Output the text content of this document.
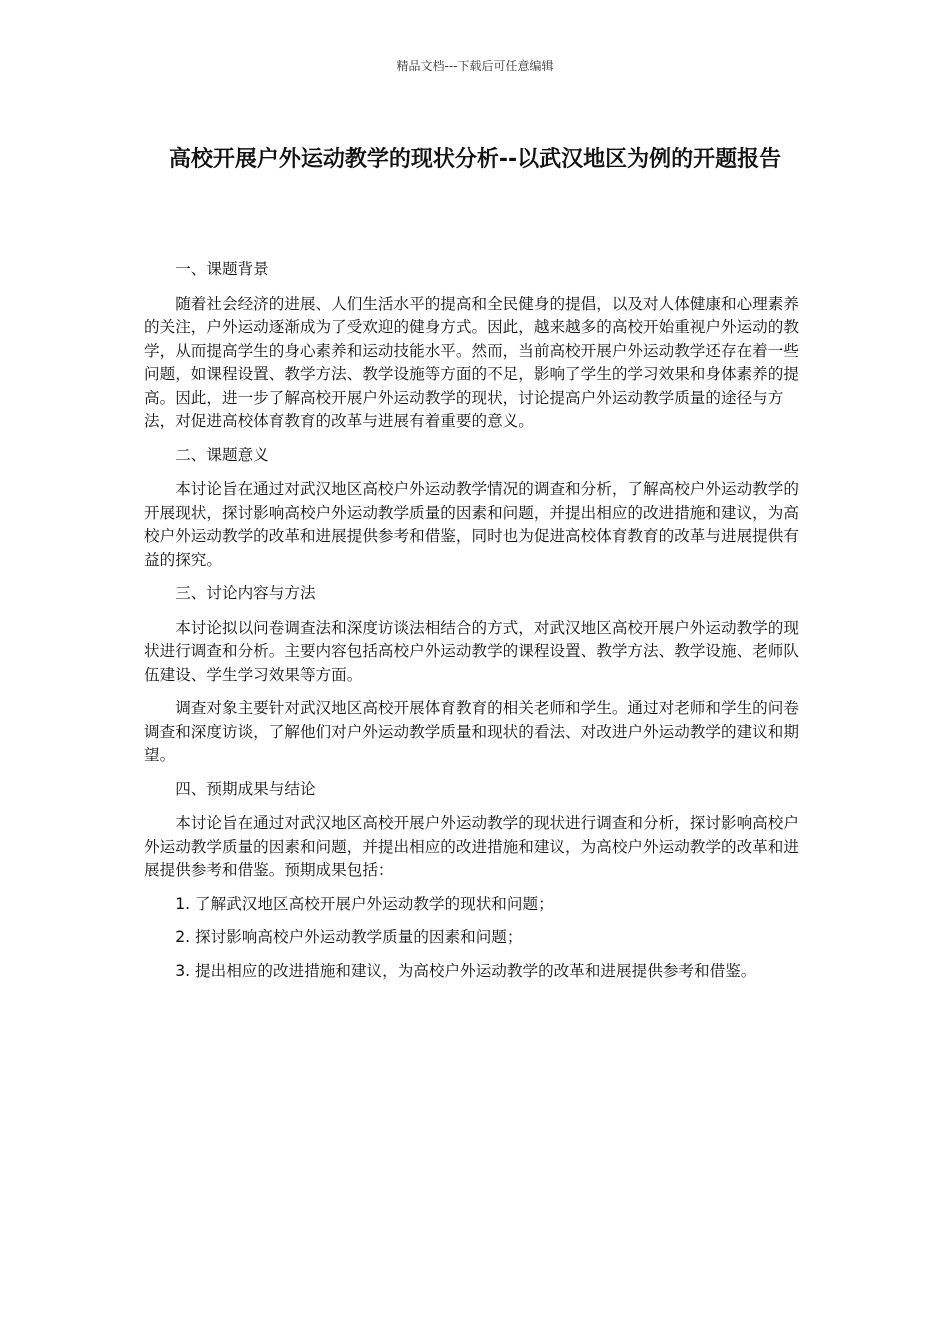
精品文档---下载后可任意编辑
高校开展户外运动教学的现状分析--以武汉地区为例的开题报告

一、课题背景

随着社会经济的进展、人们生活水平的提高和全民健身的提倡，以及对人体健康和心理素养的关注，户外运动逐渐成为了受欢迎的健身方式。因此，越来越多的高校开始重视户外运动的教学，从而提高学生的身心素养和运动技能水平。然而，当前高校开展户外运动教学还存在着一些问题，如课程设置、教学方法、教学设施等方面的不足，影响了学生的学习效果和身体素养的提高。因此，进一步了解高校开展户外运动教学的现状，讨论提高户外运动教学质量的途径与方法，对促进高校体育教育的改革与进展有着重要的意义。

二、课题意义

本讨论旨在通过对武汉地区高校户外运动教学情况的调查和分析，了解高校户外运动教学的开展现状，探讨影响高校户外运动教学质量的因素和问题，并提出相应的改进措施和建议，为高校户外运动教学的改革和进展提供参考和借鉴，同时也为促进高校体育教育的改革与进展提供有益的探究。

三、讨论内容与方法

本讨论拟以问卷调查法和深度访谈法相结合的方式，对武汉地区高校开展户外运动教学的现状进行调查和分析。主要内容包括高校户外运动教学的课程设置、教学方法、教学设施、老师队伍建设、学生学习效果等方面。

调查对象主要针对武汉地区高校开展体育教育的相关老师和学生。通过对老师和学生的问卷调查和深度访谈，了解他们对户外运动教学质量和现状的看法、对改进户外运动教学的建议和期望。

四、预期成果与结论

本讨论旨在通过对武汉地区高校开展户外运动教学的现状进行调查和分析，探讨影响高校户外运动教学质量的因素和问题，并提出相应的改进措施和建议，为高校户外运动教学的改革和进展提供参考和借鉴。预期成果包括：

1. 了解武汉地区高校开展户外运动教学的现状和问题；

2. 探讨影响高校户外运动教学质量的因素和问题；

3. 提出相应的改进措施和建议，为高校户外运动教学的改革和进展提供参考和借鉴。
